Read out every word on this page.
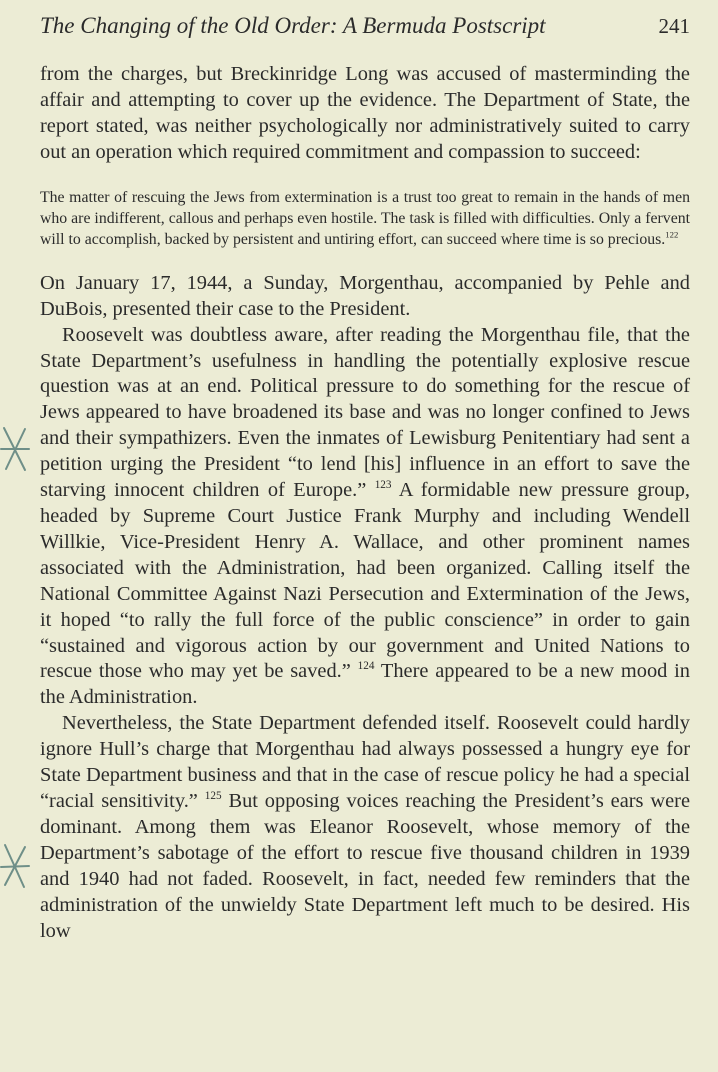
The Changing of the Old Order: A Bermuda Postscript	241

from the charges, but Breckinridge Long was accused of masterminding the affair and attempting to cover up the evidence. The Department of State, the report stated, was neither psychologically nor administratively suited to carry out an operation which required commitment and compassion to succeed:

The matter of rescuing the Jews from extermination is a trust too great to remain in the hands of men who are indifferent, callous and perhaps even hostile. The task is filled with difficulties. Only a fervent will to accomplish, backed by persistent and untiring effort, can succeed where time is so precious.$^{122}$

On January 17, 1944, a Sunday, Morgenthau, accompanied by Pehle and DuBois, presented their case to the President.

Roosevelt was doubtless aware, after reading the Morgenthau file, that the State Department’s usefulness in handling the potentially explosive rescue question was at an end. Political pressure to do something for the rescue of Jews appeared to have broadened its base and was no longer confined to Jews and their sympathizers. Even the inmates of Lewisburg Penitentiary had sent a petition urging the President “to lend [his] influence in an effort to save the starving innocent children of Europe.” $^{123}$ A formidable new pressure group, headed by Supreme Court Justice Frank Murphy and including Wendell Willkie, Vice-President Henry A. Wallace, and other prominent names associated with the Administration, had been organized. Calling itself the National Committee Against Nazi Persecution and Extermination of the Jews, it hoped “to rally the full force of the public conscience” in order to gain “sustained and vigorous action by our government and United Nations to rescue those who may yet be saved.” $^{124}$ There appeared to be a new mood in the Administration.

Nevertheless, the State Department defended itself. Roosevelt could hardly ignore Hull’s charge that Morgenthau had always possessed a hungry eye for State Department business and that in the case of rescue policy he had a special “racial sensitivity.” $^{125}$ But opposing voices reaching the President’s ears were dominant. Among them was Eleanor Roosevelt, whose memory of the Department’s sabotage of the effort to rescue five thousand children in 1939 and 1940 had not faded. Roosevelt, in fact, needed few reminders that the administration of the unwieldy State Department left much to be desired. His low
